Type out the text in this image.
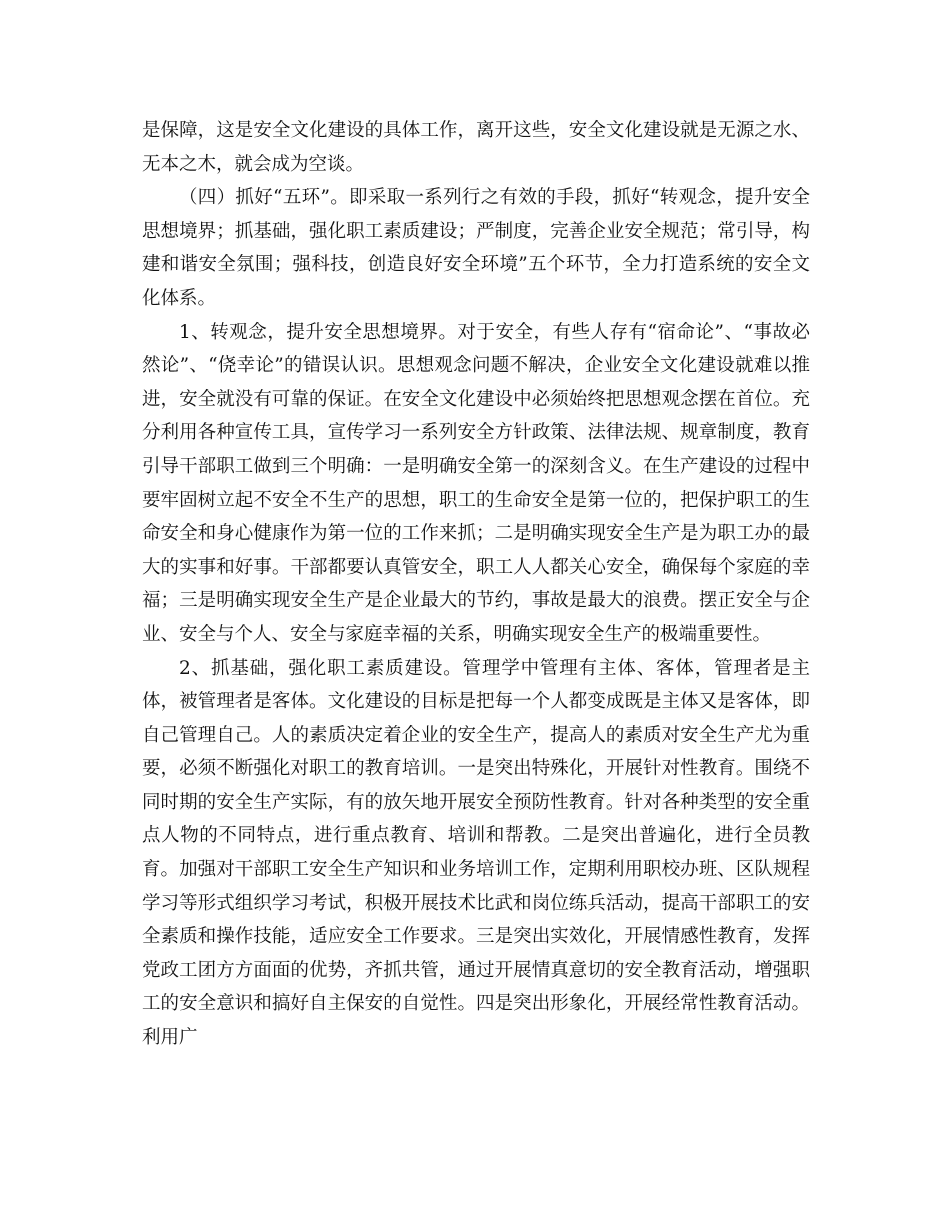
是保障，这是安全文化建设的具体工作，离开这些，安全文化建设就是无源之水、无本之木，就会成为空谈。

（四）抓好“五环”。即采取一系列行之有效的手段，抓好“转观念，提升安全思想境界；抓基础，强化职工素质建设；严制度，完善企业安全规范；常引导，构建和谐安全氛围；强科技，创造良好安全环境”五个环节，全力打造系统的安全文化体系。

1、转观念，提升安全思想境界。对于安全，有些人存有“宿命论”、“事故必然论”、“侥幸论”的错误认识。思想观念问题不解决，企业安全文化建设就难以推进，安全就没有可靠的保证。在安全文化建设中必须始终把思想观念摆在首位。充分利用各种宣传工具，宣传学习一系列安全方针政策、法律法规、规章制度，教育引导干部职工做到三个明确：一是明确安全第一的深刻含义。在生产建设的过程中要牢固树立起不安全不生产的思想，职工的生命安全是第一位的，把保护职工的生命安全和身心健康作为第一位的工作来抓；二是明确实现安全生产是为职工办的最大的实事和好事。干部都要认真管安全，职工人人都关心安全，确保每个家庭的幸福；三是明确实现安全生产是企业最大的节约，事故是最大的浪费。摆正安全与企业、安全与个人、安全与家庭幸福的关系，明确实现安全生产的极端重要性。

2、抓基础，强化职工素质建设。管理学中管理有主体、客体，管理者是主体，被管理者是客体。文化建设的目标是把每一个人都变成既是主体又是客体，即自己管理自己。人的素质决定着企业的安全生产，提高人的素质对安全生产尤为重要，必须不断强化对职工的教育培训。一是突出特殊化，开展针对性教育。围绕不同时期的安全生产实际，有的放矢地开展安全预防性教育。针对各种类型的安全重点人物的不同特点，进行重点教育、培训和帮教。二是突出普遍化，进行全员教育。加强对干部职工安全生产知识和业务培训工作，定期利用职校办班、区队规程学习等形式组织学习考试，积极开展技术比武和岗位练兵活动，提高干部职工的安全素质和操作技能，适应安全工作要求。三是突出实效化，开展情感性教育，发挥党政工团方方面面的优势，齐抓共管，通过开展情真意切的安全教育活动，增强职工的安全意识和搞好自主保安的自觉性。四是突出形象化，开展经常性教育活动。利用广
